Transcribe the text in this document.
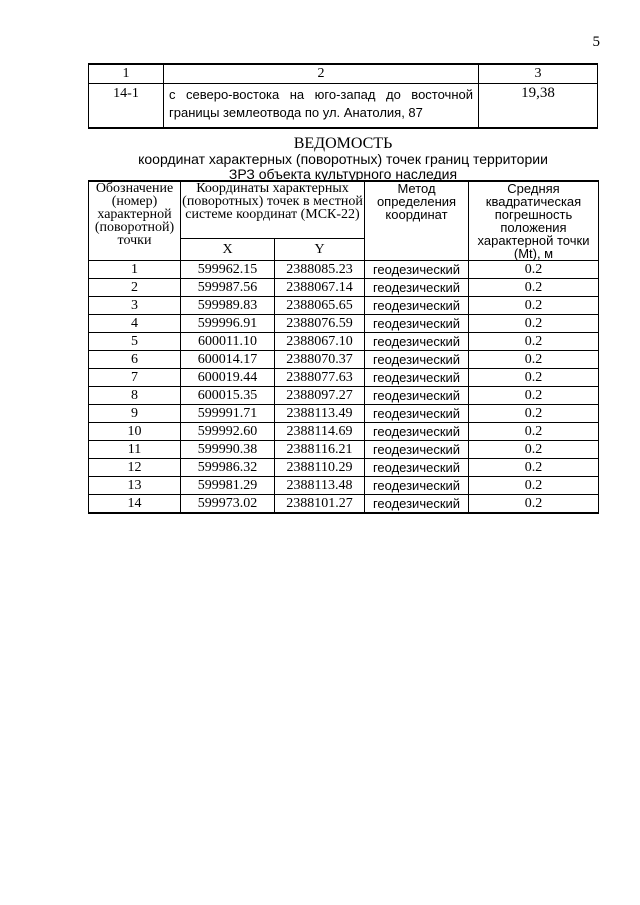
5
1	2	3
14-1	с северо-востока на юго-запад до восточной границы землеотвода по ул. Анатолия, 87	19,38
ВЕДОМОСТЬ
координат характерных (поворотных) точек границ территории
ЗРЗ объекта культурного наследия
Обозначение (номер) характерной (поворотной) точки	Координаты характерных (поворотных) точек в местной системе координат (МСК-22)		Метод определения координат	Средняя квадратическая погрешность положения характерной точки (Mt), м
	X	Y		
1	599962.15	2388085.23	геодезический	0.2
2	599987.56	2388067.14	геодезический	0.2
3	599989.83	2388065.65	геодезический	0.2
4	599996.91	2388076.59	геодезический	0.2
5	600011.10	2388067.10	геодезический	0.2
6	600014.17	2388070.37	геодезический	0.2
7	600019.44	2388077.63	геодезический	0.2
8	600015.35	2388097.27	геодезический	0.2
9	599991.71	2388113.49	геодезический	0.2
10	599992.60	2388114.69	геодезический	0.2
11	599990.38	2388116.21	геодезический	0.2
12	599986.32	2388110.29	геодезический	0.2
13	599981.29	2388113.48	геодезический	0.2
14	599973.02	2388101.27	геодезический	0.2
